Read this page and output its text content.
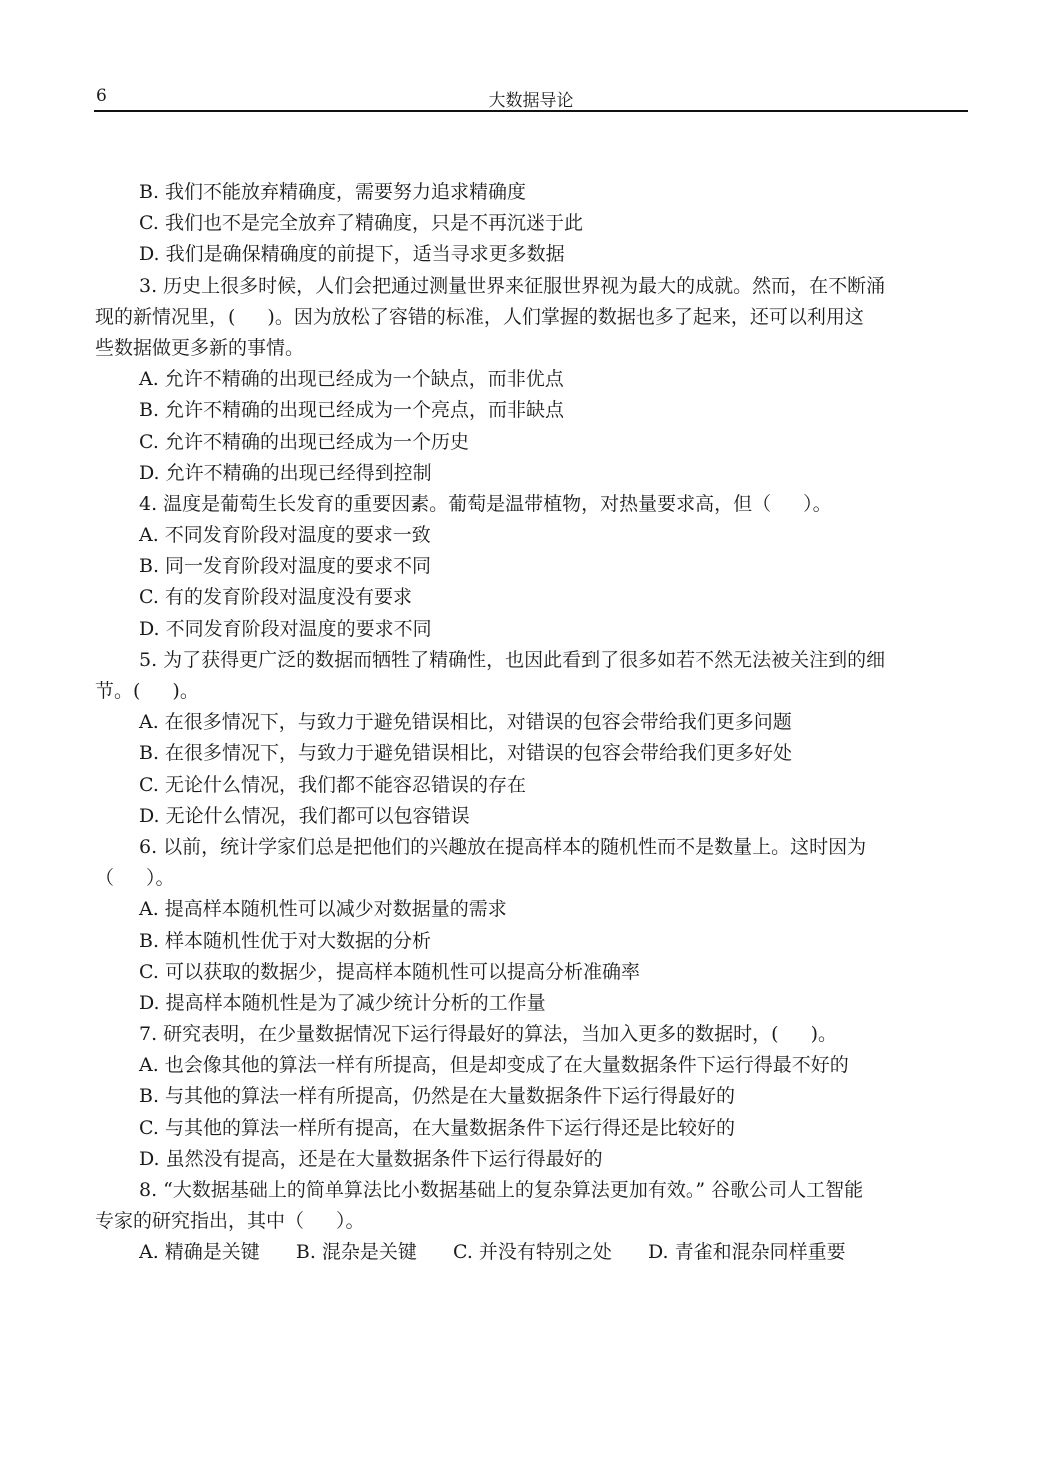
6	大数据导论
B. 我们不能放弃精确度，需要努力追求精确度
C. 我们也不是完全放弃了精确度，只是不再沉迷于此
D. 我们是确保精确度的前提下，适当寻求更多数据
3. 历史上很多时候，人们会把通过测量世界来征服世界视为最大的成就。然而，在不断涌
现的新情况里，( )。因为放松了容错的标准，人们掌握的数据也多了起来，还可以利用这
些数据做更多新的事情。
A. 允许不精确的出现已经成为一个缺点，而非优点
B. 允许不精确的出现已经成为一个亮点，而非缺点
C. 允许不精确的出现已经成为一个历史
D. 允许不精确的出现已经得到控制
4. 温度是葡萄生长发育的重要因素。葡萄是温带植物，对热量要求高，但（ ）。
A. 不同发育阶段对温度的要求一致
B. 同一发育阶段对温度的要求不同
C. 有的发育阶段对温度没有要求
D. 不同发育阶段对温度的要求不同
5. 为了获得更广泛的数据而牺牲了精确性，也因此看到了很多如若不然无法被关注到的细
节。( )。
A. 在很多情况下，与致力于避免错误相比，对错误的包容会带给我们更多问题
B. 在很多情况下，与致力于避免错误相比，对错误的包容会带给我们更多好处
C. 无论什么情况，我们都不能容忍错误的存在
D. 无论什么情况，我们都可以包容错误
6. 以前，统计学家们总是把他们的兴趣放在提高样本的随机性而不是数量上。这时因为
（ ）。
A. 提高样本随机性可以减少对数据量的需求
B. 样本随机性优于对大数据的分析
C. 可以获取的数据少，提高样本随机性可以提高分析准确率
D. 提高样本随机性是为了减少统计分析的工作量
7. 研究表明，在少量数据情况下运行得最好的算法，当加入更多的数据时，( )。
A. 也会像其他的算法一样有所提高，但是却变成了在大量数据条件下运行得最不好的
B. 与其他的算法一样有所提高，仍然是在大量数据条件下运行得最好的
C. 与其他的算法一样所有提高，在大量数据条件下运行得还是比较好的
D. 虽然没有提高，还是在大量数据条件下运行得最好的
8. “大数据基础上的简单算法比小数据基础上的复杂算法更加有效。” 谷歌公司人工智能
专家的研究指出，其中（ ）。
A. 精确是关键 B. 混杂是关键 C. 并没有特别之处 D. 青雀和混杂同样重要
